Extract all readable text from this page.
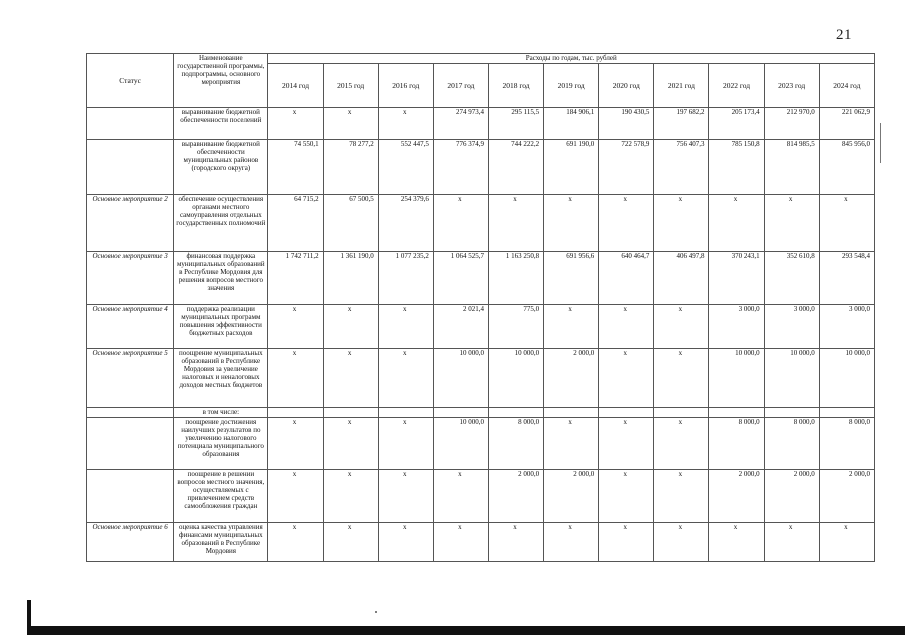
21
Статус	Наименование государственной программы, подпрограммы, основного мероприятия	Расходы по годам, тыс. рублей										
		2014 год	2015 год	2016 год	2017 год	2018 год	2019 год	2020 год	2021 год	2022 год	2023 год	2024 год
	выравнивание бюджетной обеспеченности поселений	х	х	х	274 973,4	295 115,5	184 906,1	190 430,5	197 682,2	205 173,4	212 970,0	221 062,9
	выравнивание бюджетной обеспеченности муниципальных районов (городского округа)	74 550,1	78 277,2	552 447,5	776 374,9	744 222,2	691 190,0	722 578,9	756 407,3	785 150,8	814 985,5	845 956,0
Основное мероприятие 2	обеспечение осуществления органами местного самоуправления отдельных государственных полномочий	64 715,2	67 500,5	254 379,6	х	х	х	х	х	х	х	х
Основное мероприятие 3	финансовая поддержка муниципальных образований в Республике Мордовия для решения вопросов местного значения	1 742 711,2	1 361 190,0	1 077 235,2	1 064 525,7	1 163 250,8	691 956,6	640 464,7	406 497,8	370 243,1	352 610,8	293 548,4
Основное мероприятие 4	поддержка реализации муниципальных программ повышения эффективности бюджетных расходов	х	х	х	2 021,4	775,0	х	х	х	3 000,0	3 000,0	3 000,0
Основное мероприятие 5	поощрение муниципальных образований в Республике Мордовия за увеличение налоговых и неналоговых доходов местных бюджетов	х	х	х	10 000,0	10 000,0	2 000,0	х	х	10 000,0	10 000,0	10 000,0
	в том числе:											
	поощрение достижения наилучших результатов по увеличению налогового потенциала муниципального образования	х	х	х	10 000,0	8 000,0	х	х	х	8 000,0	8 000,0	8 000,0
	поощрение в решении вопросов местного значения, осуществляемых с привлечением средств самообложения граждан	х	х	х	х	2 000,0	2 000,0	х	х	2 000,0	2 000,0	2 000,0
Основное мероприятие 6	оценка качества управления финансами муниципальных образований в Республике Мордовия	х	х	х	х	х	х	х	х	х	х	х
